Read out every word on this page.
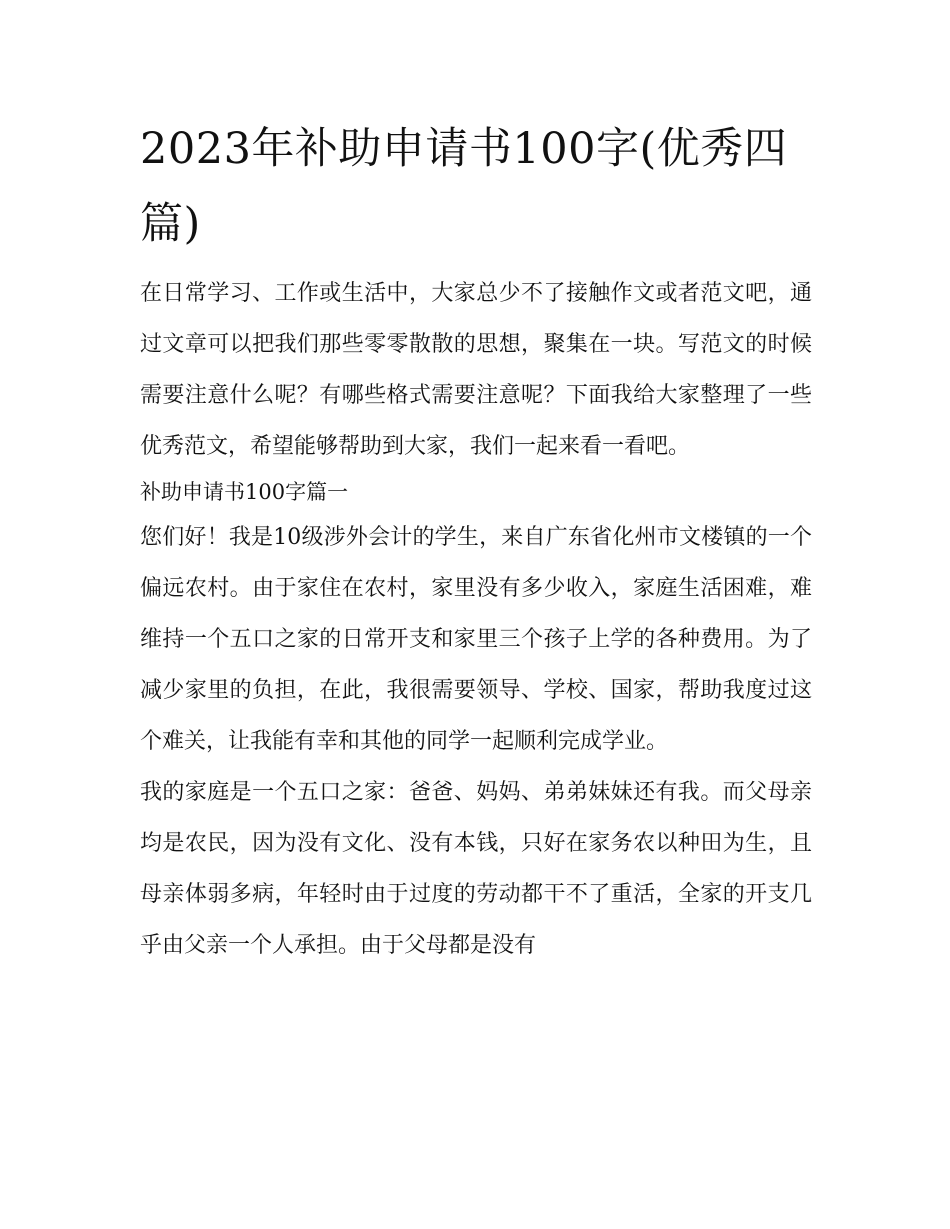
2023年补助申请书100字(优秀四篇)

在日常学习、工作或生活中，大家总少不了接触作文或者范文吧，通过文章可以把我们那些零零散散的思想，聚集在一块。写范文的时候需要注意什么呢？有哪些格式需要注意呢？下面我给大家整理了一些优秀范文，希望能够帮助到大家，我们一起来看一看吧。

补助申请书100字篇一

您们好！我是10级涉外会计的学生，来自广东省化州市文楼镇的一个偏远农村。由于家住在农村，家里没有多少收入，家庭生活困难，难维持一个五口之家的日常开支和家里三个孩子上学的各种费用。为了减少家里的负担，在此，我很需要领导、学校、国家，帮助我度过这个难关，让我能有幸和其他的同学一起顺利完成学业。

我的家庭是一个五口之家：爸爸、妈妈、弟弟妹妹还有我。而父母亲均是农民，因为没有文化、没有本钱，只好在家务农以种田为生，且母亲体弱多病，年轻时由于过度的劳动都干不了重活，全家的开支几乎由父亲一个人承担。由于父母都是没有
